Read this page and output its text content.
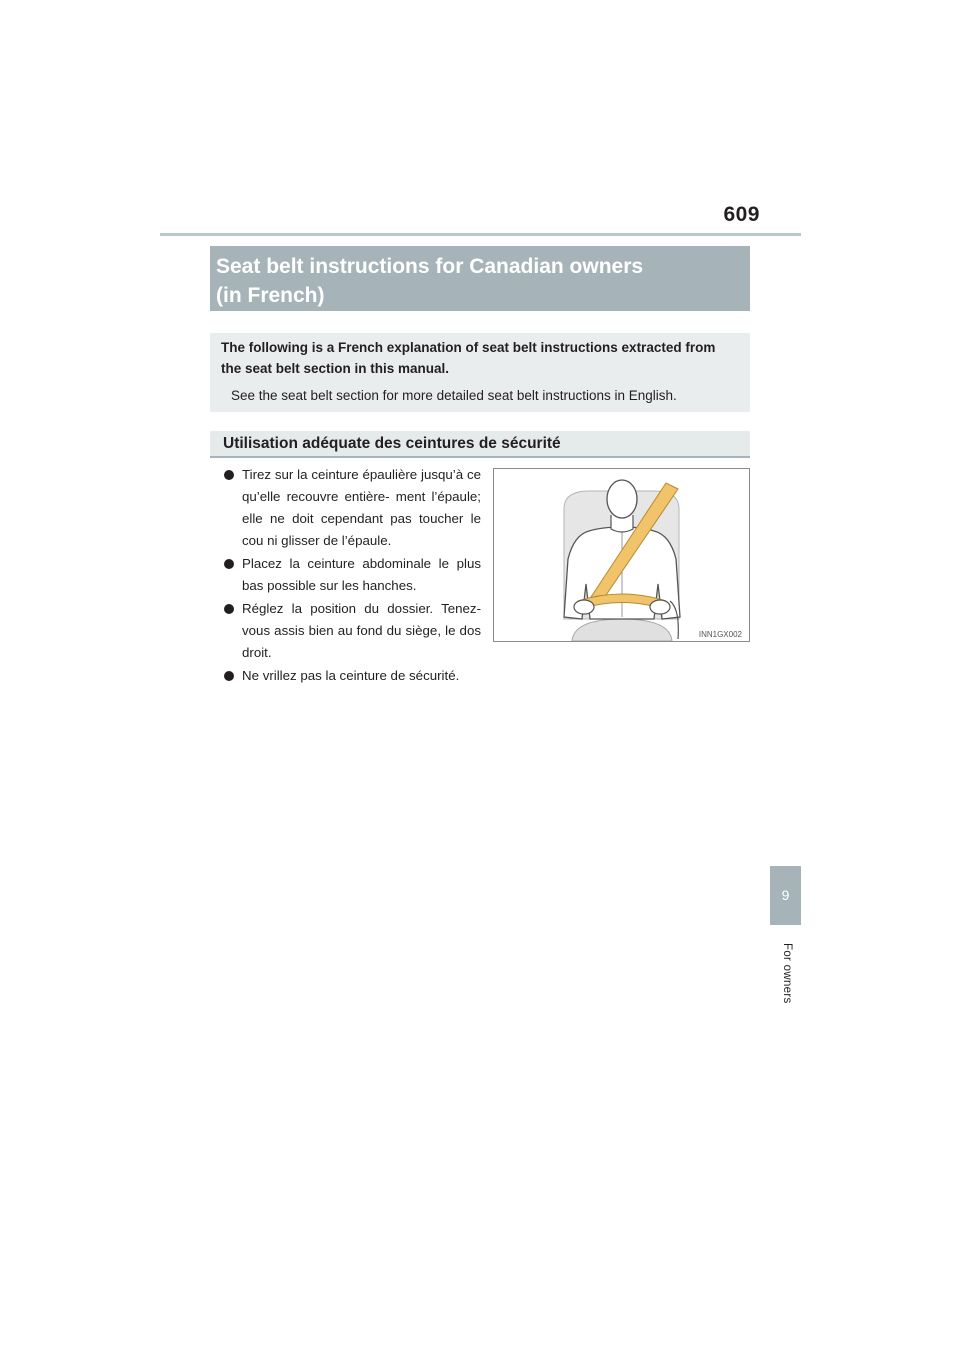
609
Seat belt instructions for Canadian owners
(in French)
The following is a French explanation of seat belt instructions extracted from
the seat belt section in this manual.
See the seat belt section for more detailed seat belt instructions in English.
Utilisation adéquate des ceintures de sécurité
Tirez sur la ceinture épaulière jusqu’à ce qu’elle recouvre entière- ment l’épaule; elle ne doit cependant pas toucher le cou ni glisser de l’épaule.
Placez la ceinture abdominale le plus bas possible sur les hanches.
Réglez la position du dossier. Tenez- vous assis bien au fond du siège, le dos droit.
Ne vrillez pas la ceinture de sécurité.
INN1GX002
9
For owners
